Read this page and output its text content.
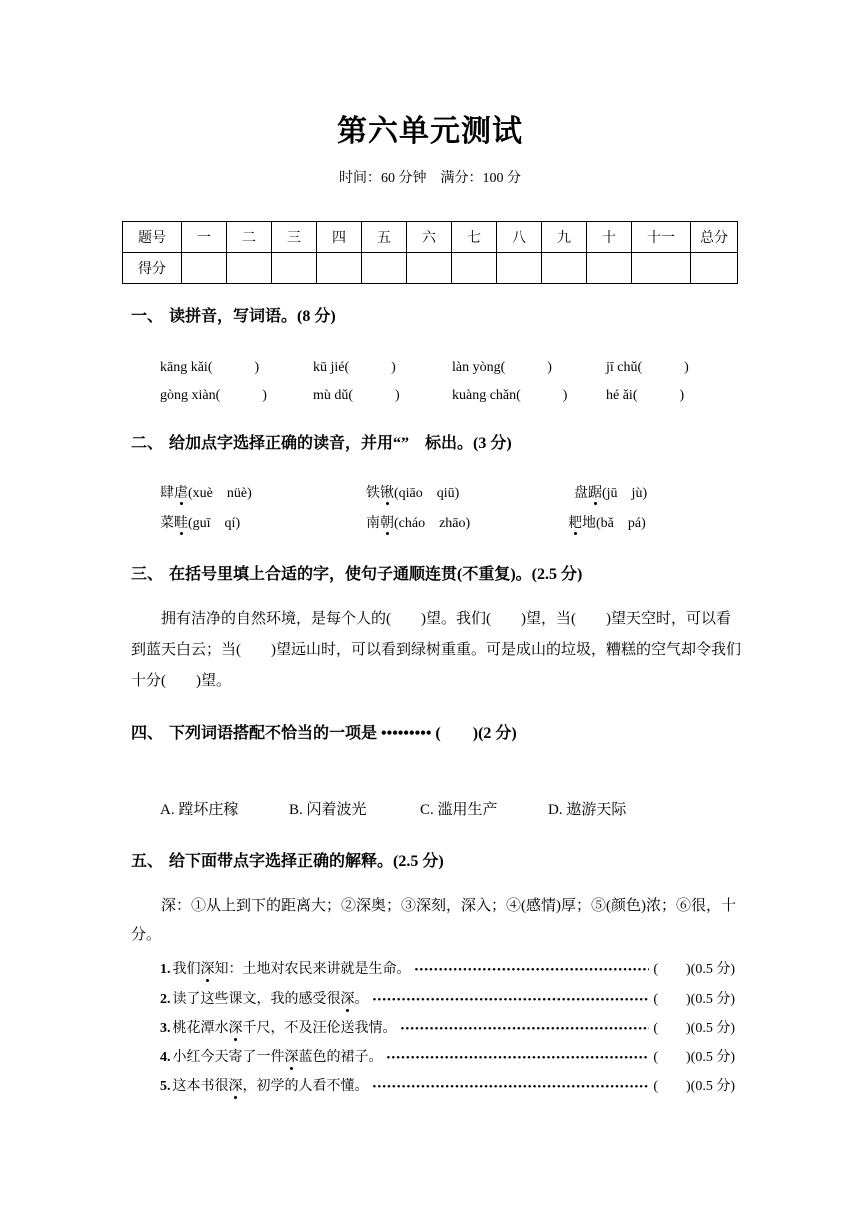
第六单元测试
时间：60 分钟　满分：100 分
题号	一	二	三	四	五	六	七	八	九	十	十一	总分
得分												
一、 读拼音，写词语。(8 分)
kāng kǎi(　　　)	kū jié(　　　)	làn yòng(　　　)	jī chǔ(　　　)
gòng xiàn(　　　)	mù dǔ(　　　)	kuàng chǎn(　　　)	hé ǎi(　　　)
二、 给加点字选择正确的读音，并用“”　标出。(3 分)
肆虐(xuè　nüè)	铁锹(qiāo　qiū)	盘踞(jū　jù)
菜畦(guī　qí)	南朝(cháo　zhāo)	耙地(bǎ　pá)
三、 在括号里填上合适的字，使句子通顺连贯(不重复)。(2.5 分)
　　拥有洁净的自然环境，是每个人的(　　)望。我们(　　)望，当(　　)望天空时，可以看到蓝天白云；当(　　)望远山时，可以看到绿树重重。可是成山的垃圾，糟糕的空气却令我们十分(　　)望。
四、 下列词语搭配不恰当的一项是 ••••••••• (　　)(2 分)
A. 蹚坏庄稼	B. 闪着波光	C. 滥用生产	D. 遨游天际
五、 给下面带点字选择正确的解释。(2.5 分)
　　深：①从上到下的距离大；②深奥；③深刻，深入；④(感情)厚；⑤(颜色)浓；⑥很，十分。
1. 我们 深 知：土地对农民来讲就是生命。 •••••	(　　)(0.5 分)
2. 读了这些课文，我的感受很 深 。 •••••	(　　)(0.5 分)
3. 桃花潭水 深 千尺，不及汪伦送我情。 •••••	(　　)(0.5 分)
4. 小红今天寄了一件 深 蓝色的裙子。 •••••	(　　)(0.5 分)
5. 这本书很 深 ，初学的人看不懂。 •••••	(　　)(0.5 分)
